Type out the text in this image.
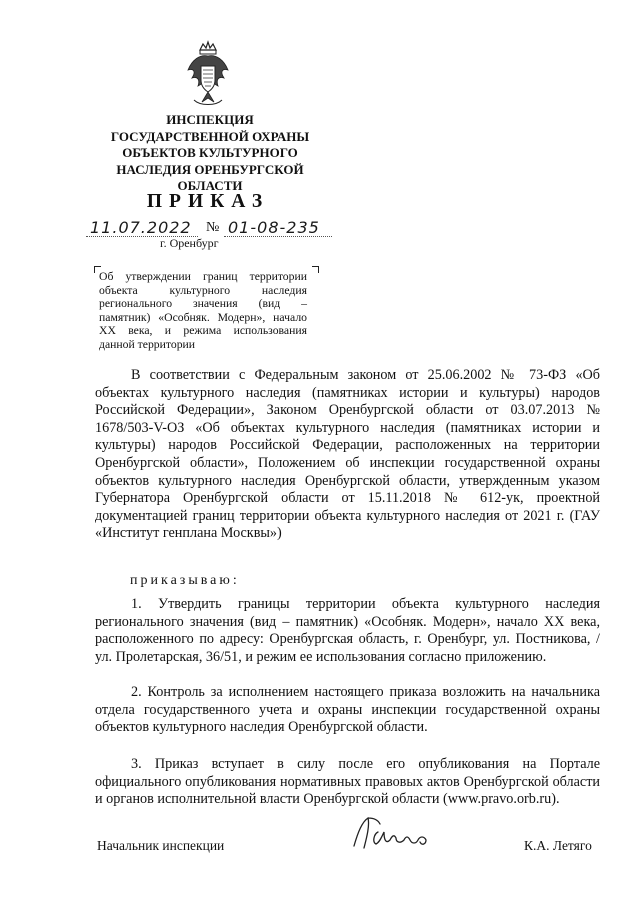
ИНСПЕКЦИЯ
ГОСУДАРСТВЕННОЙ ОХРАНЫ
ОБЪЕКТОВ КУЛЬТУРНОГО
НАСЛЕДИЯ ОРЕНБУРГСКОЙ
ОБЛАСТИ
ПРИКАЗ
11.07.2022 № 01-08-235
г. Оренбург

Об утверждении границ территории объекта культурного наследия регионального значения (вид – памятник) «Особняк. Модерн», начало XX века, и режима использования данной территории

В соответствии с Федеральным законом от 25.06.2002 № 73-ФЗ «Об объектах культурного наследия (памятниках истории и культуры) народов Российской Федерации», Законом Оренбургской области от 03.07.2013 № 1678/503-V-ОЗ «Об объектах культурного наследия (памятниках истории и культуры) народов Российской Федерации, расположенных на территории Оренбургской области», Положением об инспекции государственной охраны объектов культурного наследия Оренбургской области, утвержденным указом Губернатора Оренбургской области от 15.11.2018 № 612-ук, проектной документацией границ территории объекта культурного наследия от 2021 г. (ГАУ «Институт генплана Москвы»)

приказываю:

1. Утвердить границы территории объекта культурного наследия регионального значения (вид – памятник) «Особняк. Модерн», начало XX века, расположенного по адресу: Оренбургская область, г. Оренбург, ул. Постникова, / ул. Пролетарская, 36/51, и режим ее использования согласно приложению.

2. Контроль за исполнением настоящего приказа возложить на начальника отдела государственного учета и охраны инспекции государственной охраны объектов культурного наследия Оренбургской области.

3. Приказ вступает в силу после его опубликования на Портале официального опубликования нормативных правовых актов Оренбургской области и органов исполнительной власти Оренбургской области (www.pravo.orb.ru).

Начальник инспекции	К.А. Летяго
